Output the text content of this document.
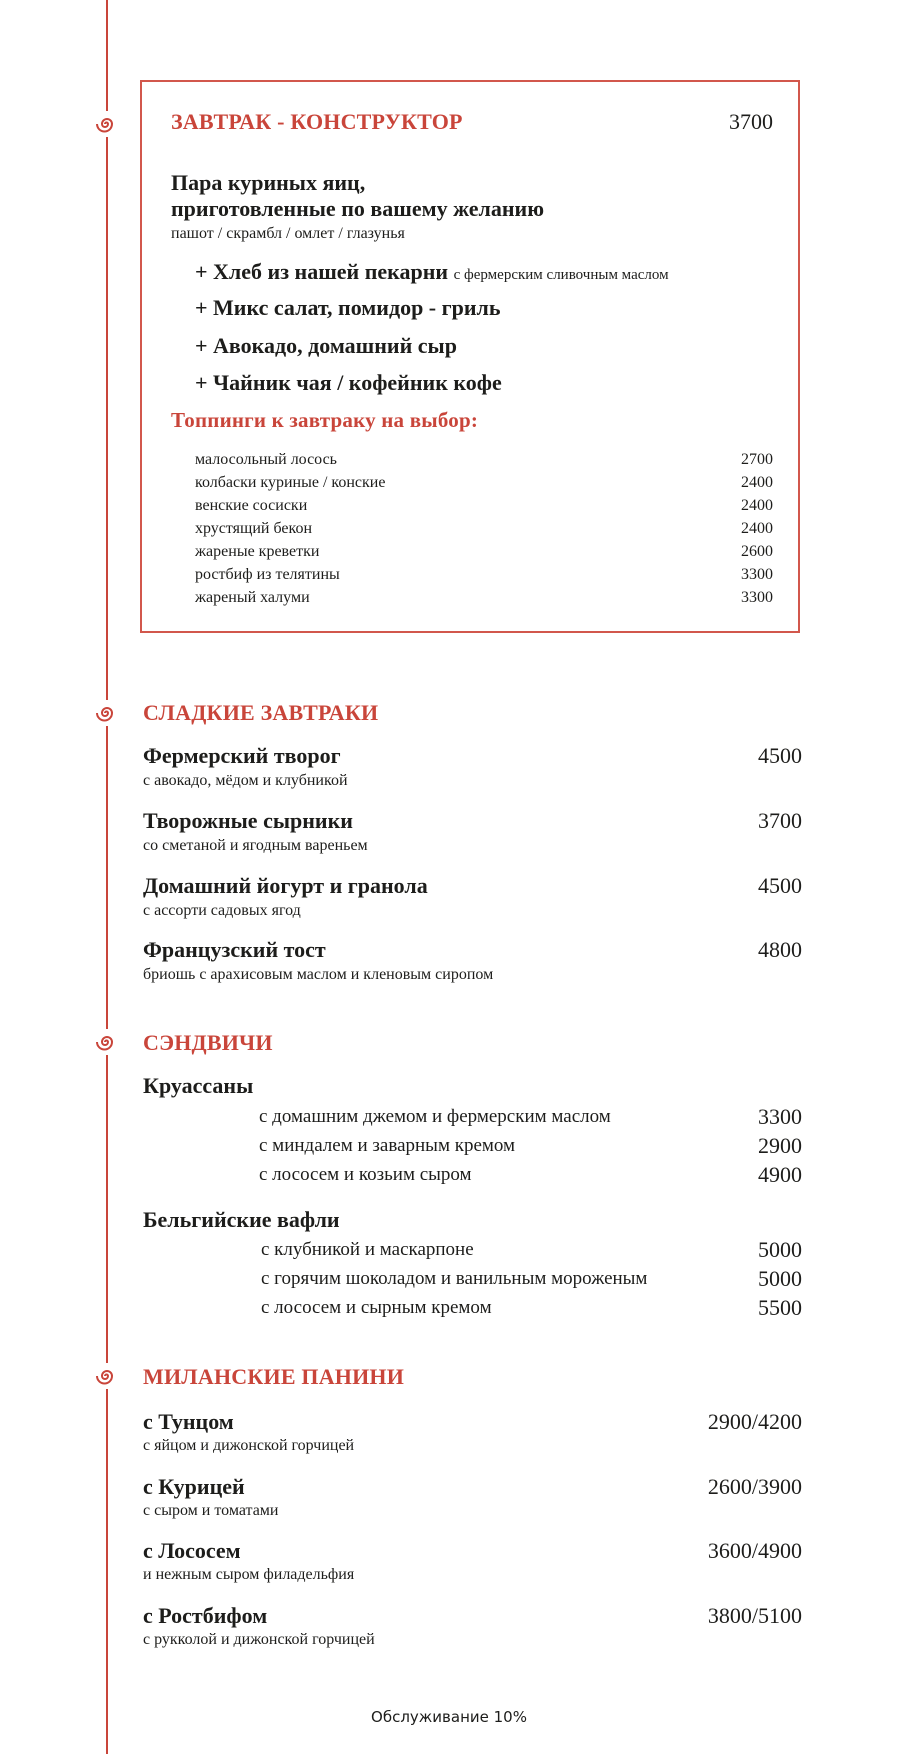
ЗАВТРАК - КОНСТРУКТОР	3700
Пара куриных яиц,
приготовленные по вашему желанию
пашот / скрамбл / омлет / глазунья
+ Хлеб из нашей пекарни с фермерским сливочным маслом
+ Микс салат, помидор - гриль
+ Авокадо, домашний сыр
+ Чайник чая / кофейник кофе
Топпинги к завтраку на выбор:
малосольный лосось	2700
колбаски куриные / конские	2400
венские сосиски	2400
хрустящий бекон	2400
жареные креветки	2600
ростбиф из телятины	3300
жареный халуми	3300
СЛАДКИЕ ЗАВТРАКИ
Фермерский творог	4500
с авокадо, мёдом и клубникой
Творожные сырники	3700
со сметаной и ягодным вареньем
Домашний йогурт и гранола	4500
с ассорти садовых ягод
Французский тост	4800
бриошь с арахисовым маслом и кленовым сиропом
СЭНДВИЧИ
Круассаны
с домашним джемом и фермерским маслом	3300
с миндалем и заварным кремом	2900
с лососем и козьим сыром	4900
Бельгийские вафли
с клубникой и маскарпоне	5000
с горячим шоколадом и ванильным мороженым	5000
с лососем и сырным кремом	5500
МИЛАНСКИЕ ПАНИНИ
с Тунцом	2900/4200
с яйцом и дижонской горчицей
с Курицей	2600/3900
с сыром и томатами
с Лососем	3600/4900
и нежным сыром филадельфия
с Ростбифом	3800/5100
с рукколой и дижонской горчицей
Обслуживание 10%
